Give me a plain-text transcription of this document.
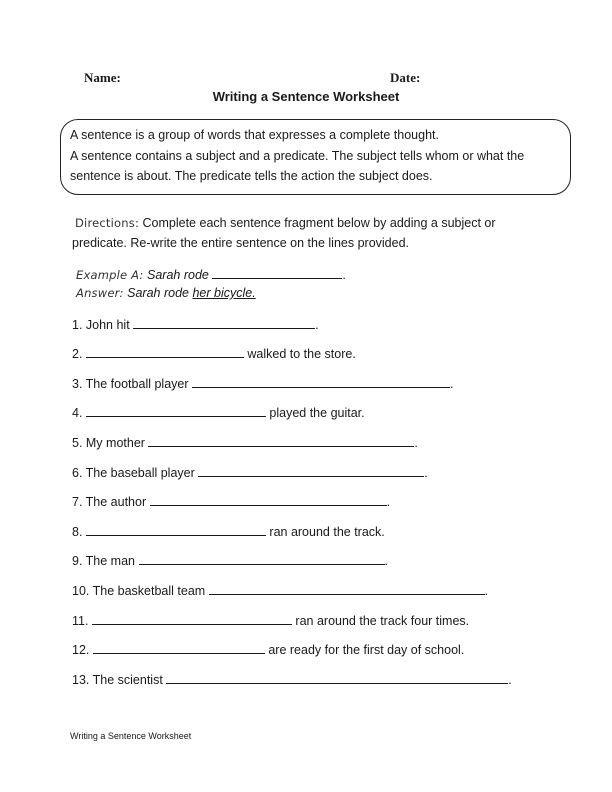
Name:	Date:
Writing a Sentence Worksheet
A sentence is a group of words that expresses a complete thought.
A sentence contains a subject and a predicate. The subject tells whom or what the
sentence is about. The predicate tells the action the subject does.
Directions: Complete each sentence fragment below by adding a subject or
predicate. Re-write the entire sentence on the lines provided.
Example A: Sarah rode	.
Answer: Sarah rode her bicycle.
1. John hit	.
2.	walked to the store.
3. The football player	.
4.	played the guitar.
5. My mother	.
6. The baseball player	.
7. The author	.
8.	ran around the track.
9. The man	.
10. The basketball team	.
11.	ran around the track four times.
12.	are ready for the first day of school.
13. The scientist	.
Writing a Sentence Worksheet
